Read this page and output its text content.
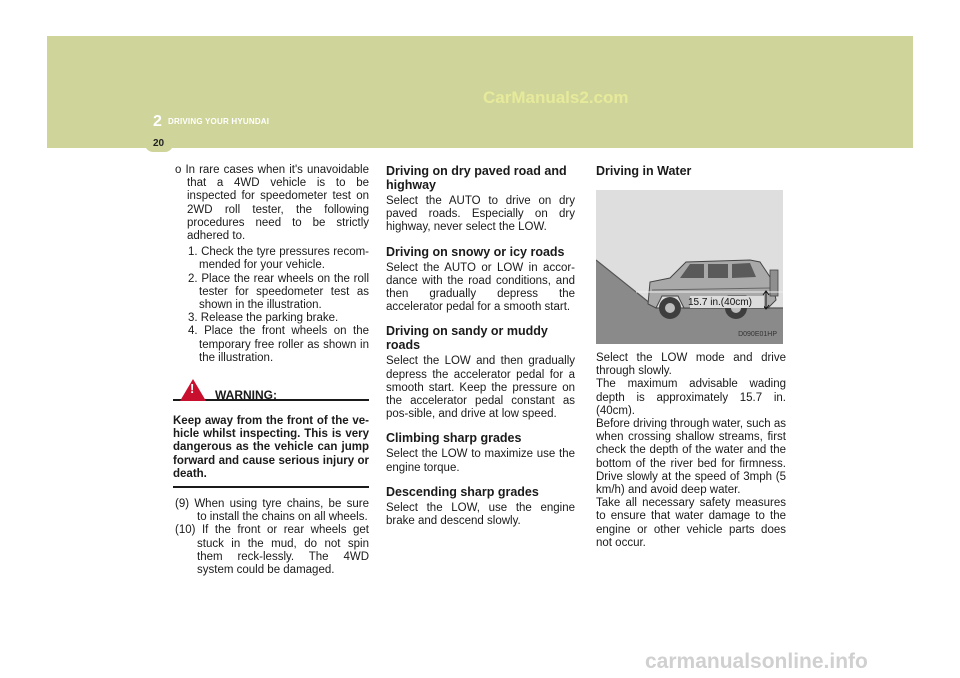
CarManuals2.com
2 DRIVING YOUR HYUNDAI
20

o In rare cases when it's unavoidable that a 4WD vehicle is to be inspected for speedometer test on 2WD roll tester, the following procedures need to be strictly adhered to.

1. Check the tyre pressures recom-mended for your vehicle.

2. Place the rear wheels on the roll tester for speedometer test as shown in the illustration.

3. Release the parking brake.

4. Place the front wheels on the temporary free roller as shown in the illustration.

! WARNING:

Keep away from the front of the ve-hicle whilst inspecting. This is very dangerous as the vehicle can jump forward and cause serious injury or death.

(9) When using tyre chains, be sure to install the chains on all wheels.

(10) If the front or rear wheels get stuck in the mud, do not spin them reck-lessly. The 4WD system could be damaged.

Driving on dry paved road and highway

Select the AUTO to drive on dry paved roads. Especially on dry highway, never select the LOW.

Driving on snowy or icy roads

Select the AUTO or LOW in accor-dance with the road conditions, and then gradually depress the accelerator pedal for a smooth start.

Driving on sandy or muddy roads

Select the LOW and then gradually depress the accelerator pedal for a smooth start. Keep the pressure on the accelerator pedal constant as pos-sible, and drive at low speed.

Climbing sharp grades

Select the LOW to maximize use the engine torque.

Descending sharp grades

Select the LOW, use the engine brake and descend slowly.

Driving in Water
15.7 in.(40cm)
D090E01HP

Select the LOW mode and drive through slowly.

The maximum advisable wading depth is approximately 15.7 in.(40cm).

Before driving through water, such as when crossing shallow streams, first check the depth of the water and the bottom of the river bed for firmness. Drive slowly at the speed of 3mph (5 km/h) and avoid deep water.

Take all necessary safety measures to ensure that water damage to the engine or other vehicle parts does not occur.

carmanualsonline.info
